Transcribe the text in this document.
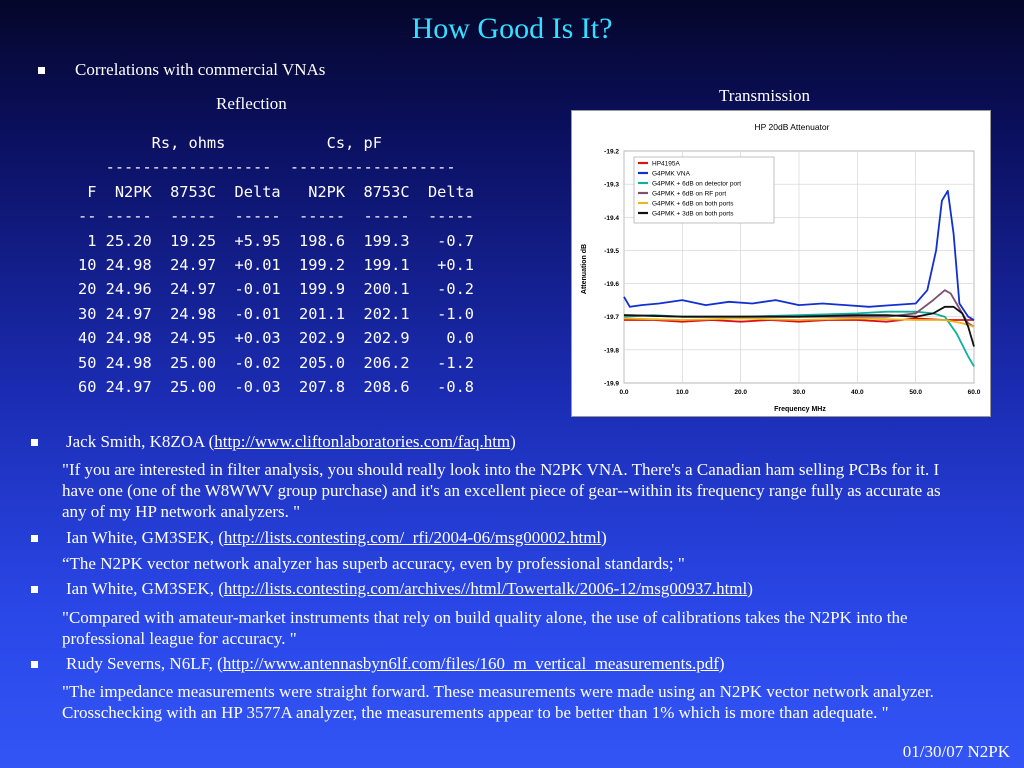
How Good Is It?
Correlations with commercial VNAs
Reflection	Transmission
Rs, ohms           Cs, pF
------------------  ------------------
F  N2PK  8753C  Delta   N2PK  8753C  Delta
-- -----  -----  -----  -----  -----  -----
1 25.20  19.25  +5.95  198.6  199.3   -0.7
10 24.98  24.97  +0.01  199.2  199.1   +0.1
20 24.96  24.97  -0.01  199.9  200.1   -0.2
30 24.97  24.98  -0.01  201.1  202.1   -1.0
40 24.98  24.95  +0.03  202.9  202.9    0.0
50 24.98  25.00  -0.02  205.0  206.2   -1.2
60 24.97  25.00  -0.03  207.8  208.6   -0.8
HP 20dB Attenuator
Frequency MHz
Attenuation dB
-19.2
-19.3
-19.4
-19.5
-19.6
-19.7
-19.8
-19.9
0.0	10.0	20.0	30.0	40.0	50.0	60.0
HP4195A
G4PMK VNA
G4PMK + 6dB on detector port
G4PMK + 6dB on RF port
G4PMK + 6dB on both ports
G4PMK + 3dB on both ports
Jack Smith, K8ZOA (http://www.cliftonlaboratories.com/faq.htm)
"If you are interested in filter analysis, you should really look into the N2PK VNA. There's a Canadian ham selling PCBs for it. I have one (one of the W8WWV group purchase) and it's an excellent piece of gear--within its frequency range fully as accurate as any of my HP network analyzers. "
Ian White, GM3SEK, (http://lists.contesting.com/_rfi/2004-06/msg00002.html)
“The N2PK vector network analyzer has superb accuracy, even by professional standards; "
Ian White, GM3SEK, (http://lists.contesting.com/archives//html/Towertalk/2006-12/msg00937.html)
"Compared with amateur-market instruments that rely on build quality alone, the use of calibrations takes the N2PK into the professional league for accuracy. "
Rudy Severns, N6LF, (http://www.antennasbyn6lf.com/files/160_m_vertical_measurements.pdf)
"The impedance measurements were straight forward. These measurements were made using an N2PK vector network analyzer. Crosschecking with an HP 3577A analyzer, the measurements appear to be better than 1% which is more than adequate. "
01/30/07 N2PK
